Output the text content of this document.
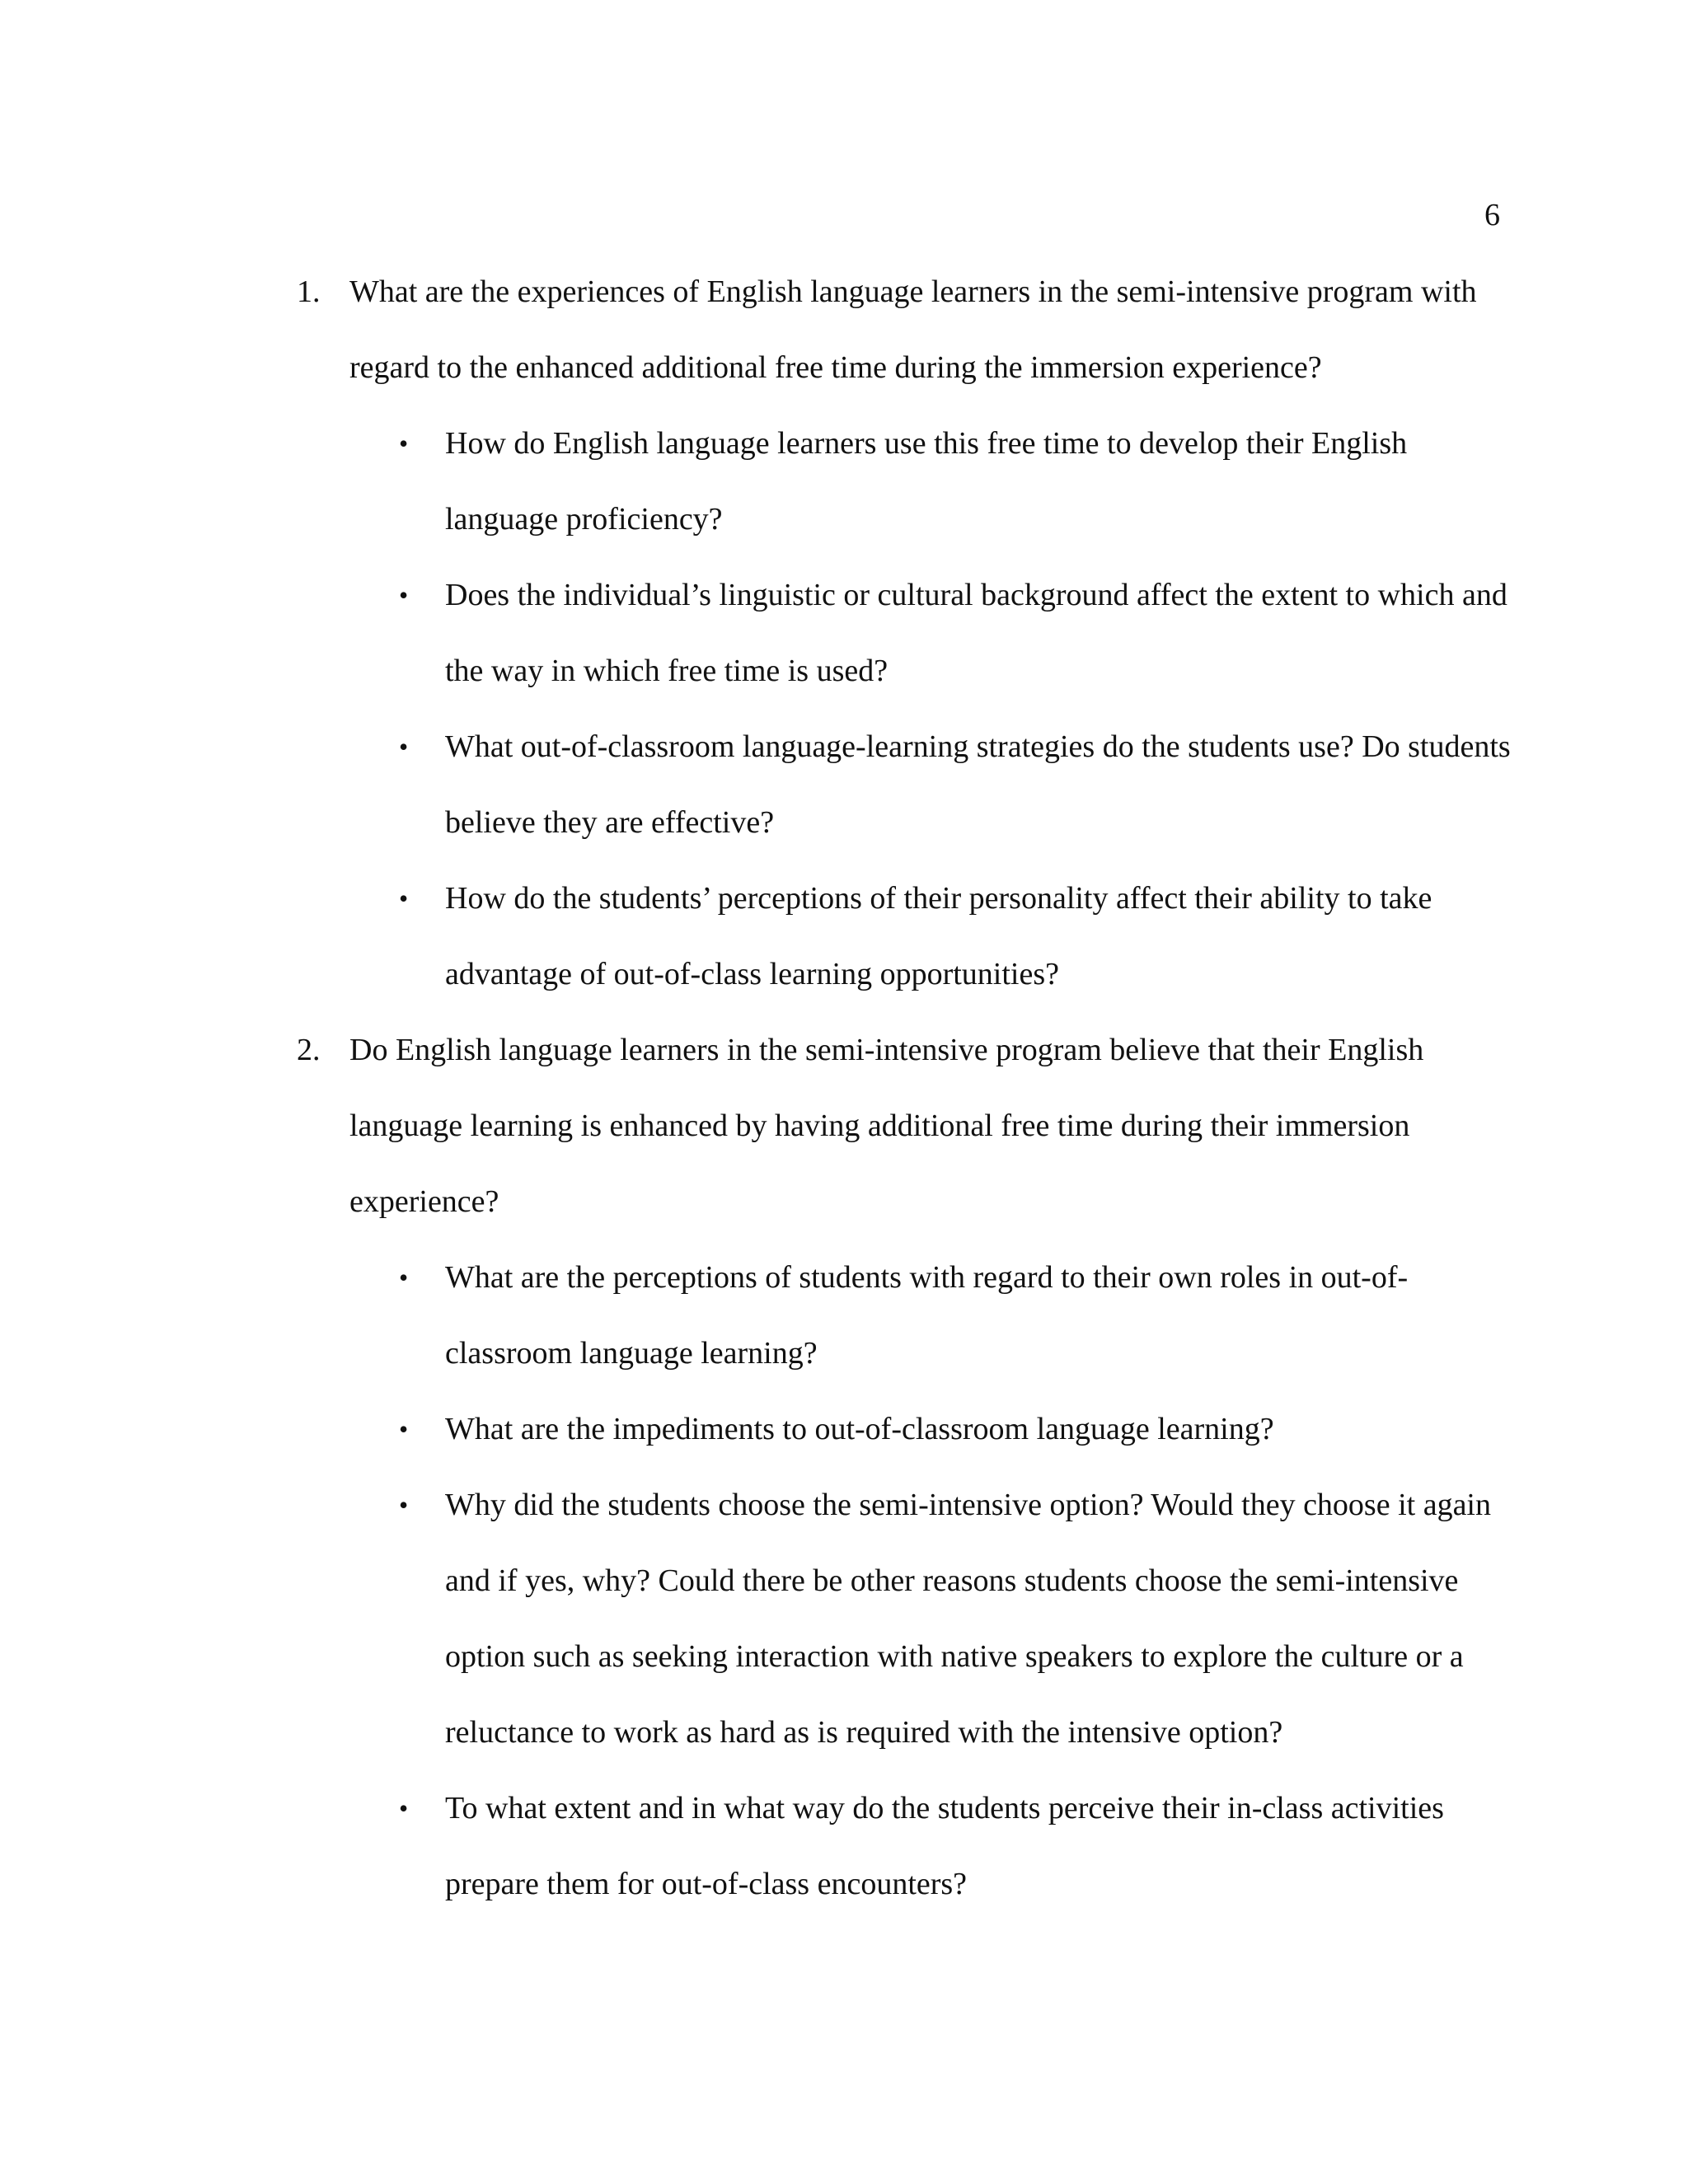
6
1. What are the experiences of English language learners in the semi-intensive program with regard to the enhanced additional free time during the immersion experience?
• How do English language learners use this free time to develop their English language proficiency?
• Does the individual’s linguistic or cultural background affect the extent to which and the way in which free time is used?
• What out-of-classroom language-learning strategies do the students use? Do students believe they are effective?
• How do the students’ perceptions of their personality affect their ability to take advantage of out-of-class learning opportunities?
2. Do English language learners in the semi-intensive program believe that their English language learning is enhanced by having additional free time during their immersion experience?
• What are the perceptions of students with regard to their own roles in out-of-classroom language learning?
• What are the impediments to out-of-classroom language learning?
• Why did the students choose the semi-intensive option? Would they choose it again and if yes, why? Could there be other reasons students choose the semi-intensive option such as seeking interaction with native speakers to explore the culture or a reluctance to work as hard as is required with the intensive option?
• To what extent and in what way do the students perceive their in-class activities prepare them for out-of-class encounters?
